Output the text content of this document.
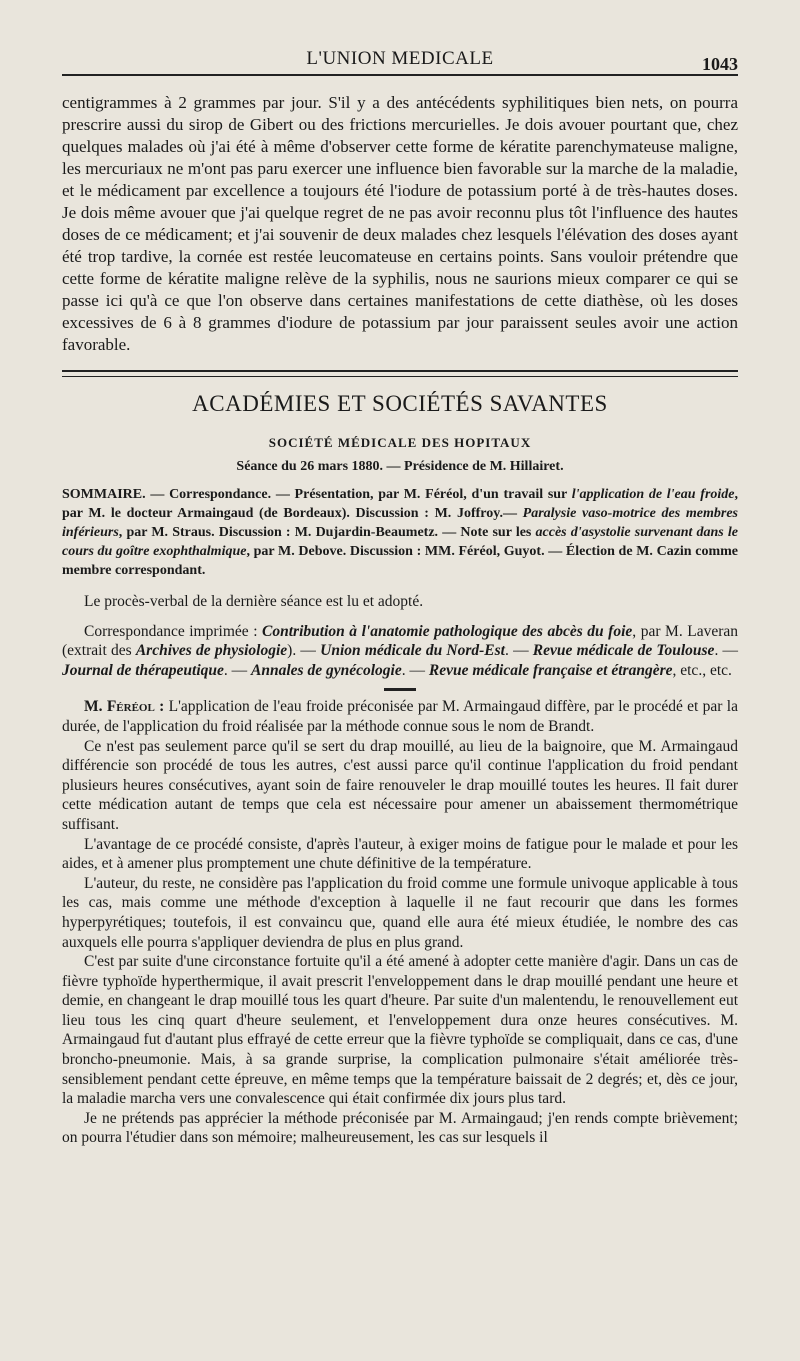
L'UNION MEDICALE	1043

centigrammes à 2 grammes par jour. S'il y a des antécédents syphilitiques bien nets, on pourra prescrire aussi du sirop de Gibert ou des frictions mercurielles. Je dois avouer pourtant que, chez quelques malades où j'ai été à même d'observer cette forme de kératite parenchymateuse maligne, les mercuriaux ne m'ont pas paru exercer une influence bien favorable sur la marche de la maladie, et le médicament par excellence a toujours été l'iodure de potassium porté à de très-hautes doses. Je dois même avouer que j'ai quelque regret de ne pas avoir reconnu plus tôt l'influence des hautes doses de ce médicament; et j'ai souvenir de deux malades chez lesquels l'élévation des doses ayant été trop tardive, la cornée est restée leucomateuse en certains points. Sans vouloir prétendre que cette forme de kératite maligne relève de la syphilis, nous ne saurions mieux comparer ce qui se passe ici qu'à ce que l'on observe dans certaines manifestations de cette diathèse, où les doses excessives de 6 à 8 grammes d'iodure de potassium par jour paraissent seules avoir une action favorable.

ACADÉMIES ET SOCIÉTÉS SAVANTES
SOCIÉTÉ MÉDICALE DES HOPITAUX
Séance du 26 mars 1880. — Présidence de M. Hillairet.

SOMMAIRE. — Correspondance. — Présentation, par M. Féréol, d'un travail sur l'application de l'eau froide, par M. le docteur Armaingaud (de Bordeaux). Discussion : M. Joffroy.— Paralysie vaso-motrice des membres inférieurs, par M. Straus. Discussion : M. Dujardin-Beaumetz. — Note sur les accès d'asystolie survenant dans le cours du goître exophthalmique, par M. Debove. Discussion : MM. Féréol, Guyot. — Élection de M. Cazin comme membre correspondant.

Le procès-verbal de la dernière séance est lu et adopté.

Correspondance imprimée : Contribution à l'anatomie pathologique des abcès du foie, par M. Laveran (extrait des Archives de physiologie). — Union médicale du Nord-Est. — Revue médicale de Toulouse. — Journal de thérapeutique. — Annales de gynécologie. — Revue médicale française et étrangère, etc., etc.

M. Féréol : L'application de l'eau froide préconisée par M. Armaingaud diffère, par le procédé et par la durée, de l'application du froid réalisée par la méthode connue sous le nom de Brandt.

Ce n'est pas seulement parce qu'il se sert du drap mouillé, au lieu de la baignoire, que M. Armaingaud différencie son procédé de tous les autres, c'est aussi parce qu'il continue l'application du froid pendant plusieurs heures consécutives, ayant soin de faire renouveler le drap mouillé toutes les heures. Il fait durer cette médication autant de temps que cela est nécessaire pour amener un abaissement thermométrique suffisant.

L'avantage de ce procédé consiste, d'après l'auteur, à exiger moins de fatigue pour le malade et pour les aides, et à amener plus promptement une chute définitive de la température.

L'auteur, du reste, ne considère pas l'application du froid comme une formule univoque applicable à tous les cas, mais comme une méthode d'exception à laquelle il ne faut recourir que dans les formes hyperpyrétiques; toutefois, il est convaincu que, quand elle aura été mieux étudiée, le nombre des cas auxquels elle pourra s'appliquer deviendra de plus en plus grand.

C'est par suite d'une circonstance fortuite qu'il a été amené à adopter cette manière d'agir. Dans un cas de fièvre typhoïde hyperthermique, il avait prescrit l'enveloppement dans le drap mouillé pendant une heure et demie, en changeant le drap mouillé tous les quart d'heure. Par suite d'un malentendu, le renouvellement eut lieu tous les cinq quart d'heure seulement, et l'enveloppement dura onze heures consécutives. M. Armaingaud fut d'autant plus effrayé de cette erreur que la fièvre typhoïde se compliquait, dans ce cas, d'une broncho-pneumonie. Mais, à sa grande surprise, la complication pulmonaire s'était améliorée très-sensiblement pendant cette épreuve, en même temps que la température baissait de 2 degrés; et, dès ce jour, la maladie marcha vers une convalescence qui était confirmée dix jours plus tard.

Je ne prétends pas apprécier la méthode préconisée par M. Armaingaud; j'en rends compte brièvement; on pourra l'étudier dans son mémoire; malheureusement, les cas sur lesquels il
